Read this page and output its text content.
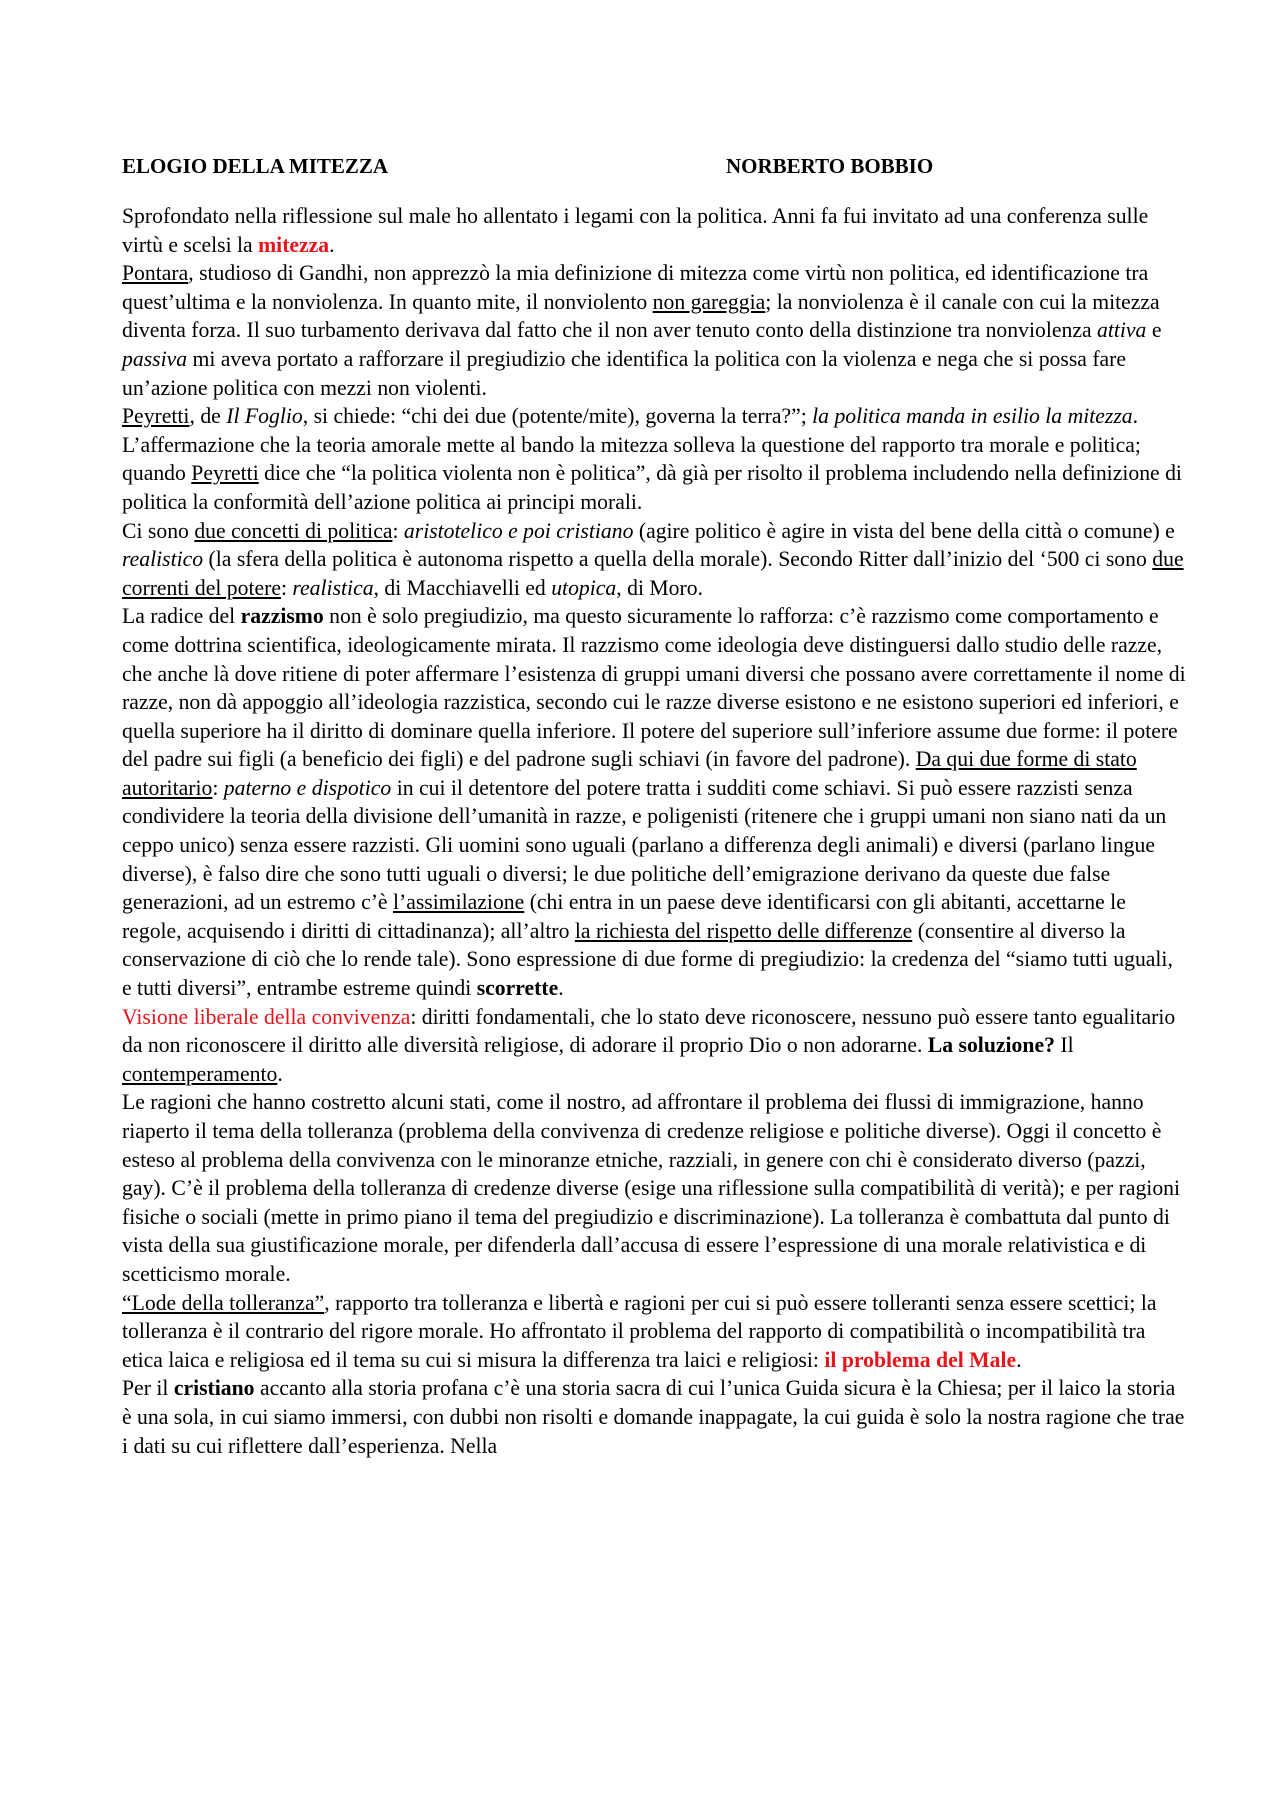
ELOGIO DELLA MITEZZA	NORBERTO BOBBIO

Sprofondato nella riflessione sul male ho allentato i legami con la politica. Anni fa fui invitato ad una conferenza sulle virtù e scelsi la mitezza.

Pontara, studioso di Gandhi, non apprezzò la mia definizione di mitezza come virtù non politica, ed identificazione tra quest’ultima e la nonviolenza. In quanto mite, il nonviolento non gareggia; la nonviolenza è il canale con cui la mitezza diventa forza. Il suo turbamento derivava dal fatto che il non aver tenuto conto della distinzione tra nonviolenza attiva e passiva mi aveva portato a rafforzare il pregiudizio che identifica la politica con la violenza e nega che si possa fare un’azione politica con mezzi non violenti.

Peyretti, de Il Foglio, si chiede: “chi dei due (potente/mite), governa la terra?”; la politica manda in esilio la mitezza. L’affermazione che la teoria amorale mette al bando la mitezza solleva la questione del rapporto tra morale e politica; quando Peyretti dice che “la politica violenta non è politica”, dà già per risolto il problema includendo nella definizione di politica la conformità dell’azione politica ai principi morali.

Ci sono due concetti di politica: aristotelico e poi cristiano (agire politico è agire in vista del bene della città o comune) e realistico (la sfera della politica è autonoma rispetto a quella della morale). Secondo Ritter dall’inizio del ‘500 ci sono due correnti del potere: realistica, di Macchiavelli ed utopica, di Moro.

La radice del razzismo non è solo pregiudizio, ma questo sicuramente lo rafforza: c’è razzismo come comportamento e come dottrina scientifica, ideologicamente mirata. Il razzismo come ideologia deve distinguersi dallo studio delle razze, che anche là dove ritiene di poter affermare l’esistenza di gruppi umani diversi che possano avere correttamente il nome di razze, non dà appoggio all’ideologia razzistica, secondo cui le razze diverse esistono e ne esistono superiori ed inferiori, e quella superiore ha il diritto di dominare quella inferiore. Il potere del superiore sull’inferiore assume due forme: il potere del padre sui figli (a beneficio dei figli) e del padrone sugli schiavi (in favore del padrone). Da qui due forme di stato autoritario: paterno e dispotico in cui il detentore del potere tratta i sudditi come schiavi. Si può essere razzisti senza condividere la teoria della divisione dell’umanità in razze, e poligenisti (ritenere che i gruppi umani non siano nati da un ceppo unico) senza essere razzisti. Gli uomini sono uguali (parlano a differenza degli animali) e diversi (parlano lingue diverse), è falso dire che sono tutti uguali o diversi; le due politiche dell’emigrazione derivano da queste due false generazioni, ad un estremo c’è l’assimilazione (chi entra in un paese deve identificarsi con gli abitanti, accettarne le regole, acquisendo i diritti di cittadinanza); all’altro la richiesta del rispetto delle differenze (consentire al diverso la conservazione di ciò che lo rende tale). Sono espressione di due forme di pregiudizio: la credenza del “siamo tutti uguali, e tutti diversi”, entrambe estreme quindi scorrette.

Visione liberale della convivenza: diritti fondamentali, che lo stato deve riconoscere, nessuno può essere tanto egualitario da non riconoscere il diritto alle diversità religiose, di adorare il proprio Dio o non adorarne. La soluzione? Il contemperamento.

Le ragioni che hanno costretto alcuni stati, come il nostro, ad affrontare il problema dei flussi di immigrazione, hanno riaperto il tema della tolleranza (problema della convivenza di credenze religiose e politiche diverse). Oggi il concetto è esteso al problema della convivenza con le minoranze etniche, razziali, in genere con chi è considerato diverso (pazzi, gay). C’è il problema della tolleranza di credenze diverse (esige una riflessione sulla compatibilità di verità); e per ragioni fisiche o sociali (mette in primo piano il tema del pregiudizio e discriminazione). La tolleranza è combattuta dal punto di vista della sua giustificazione morale, per difenderla dall’accusa di essere l’espressione di una morale relativistica e di scetticismo morale.

“Lode della tolleranza”, rapporto tra tolleranza e libertà e ragioni per cui si può essere tolleranti senza essere scettici; la tolleranza è il contrario del rigore morale. Ho affrontato il problema del rapporto di compatibilità o incompatibilità tra etica laica e religiosa ed il tema su cui si misura la differenza tra laici e religiosi: il problema del Male.

Per il cristiano accanto alla storia profana c’è una storia sacra di cui l’unica Guida sicura è la Chiesa; per il laico la storia è una sola, in cui siamo immersi, con dubbi non risolti e domande inappagate, la cui guida è solo la nostra ragione che trae i dati su cui riflettere dall’esperienza. Nella
